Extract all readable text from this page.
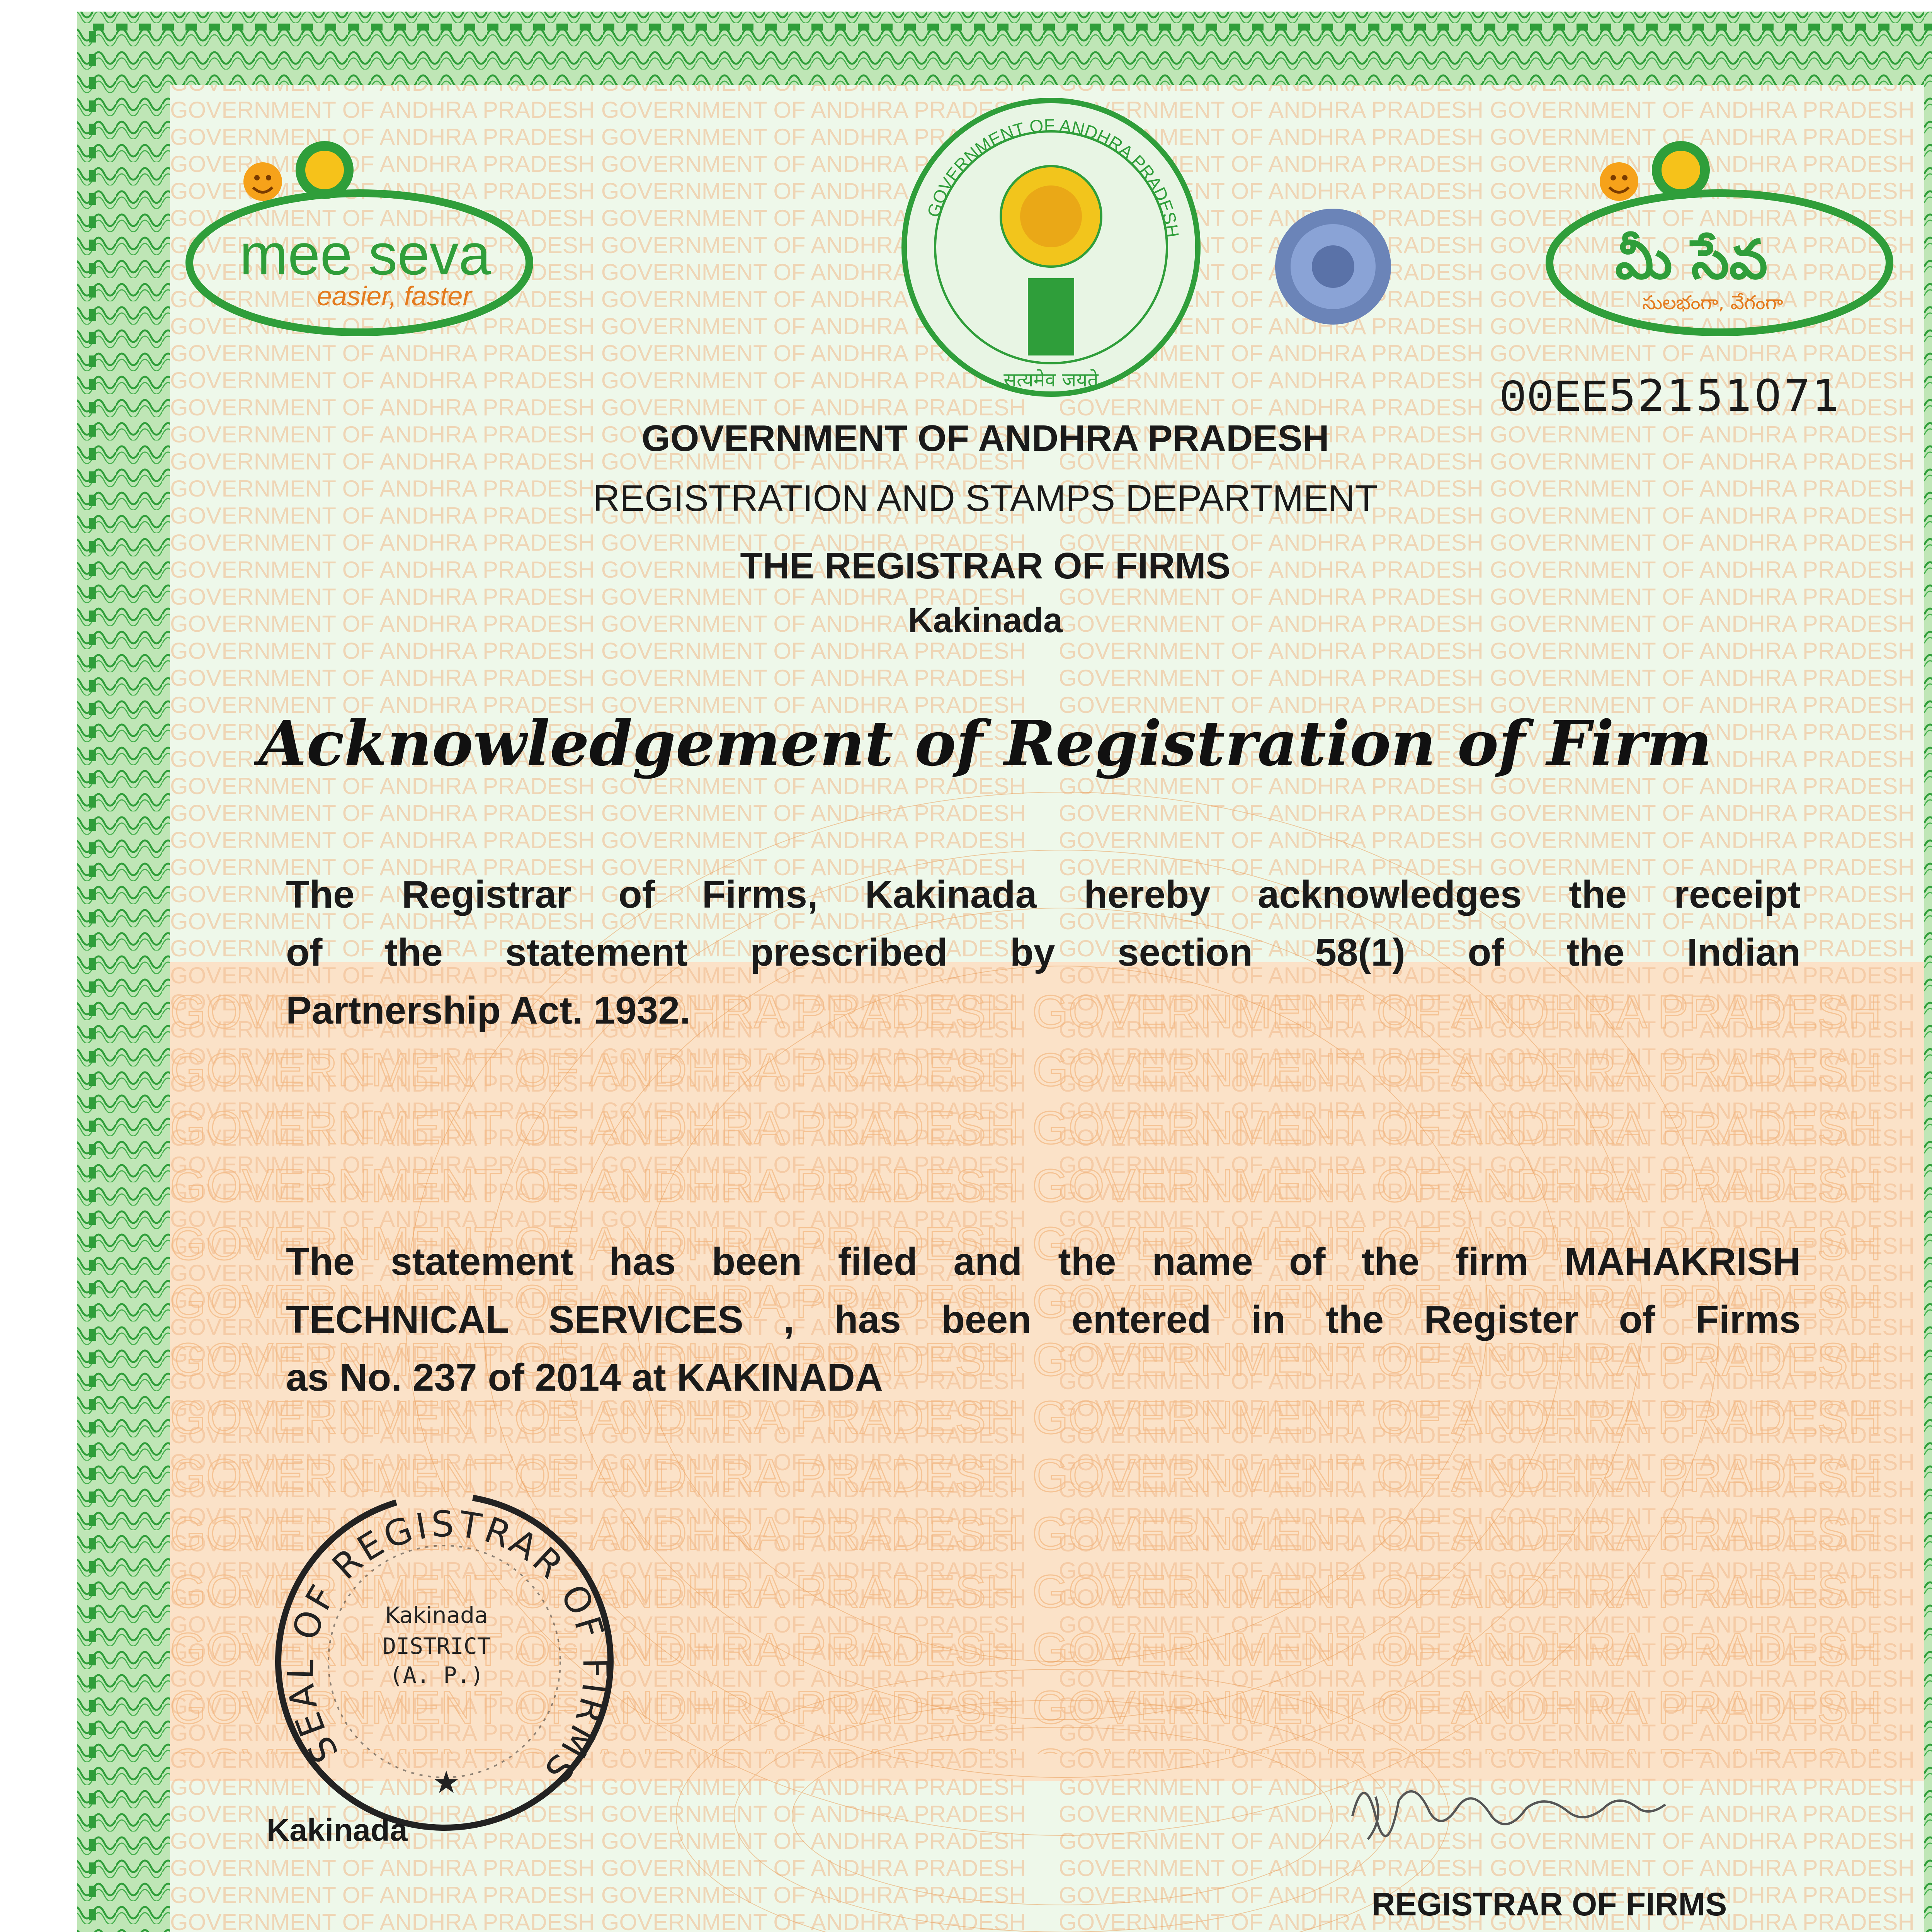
mee seva
easier, faster
GOVERNMENT OF ANDHRA PRADESH
सत्यमेव जयते
మీ సేవ
సులభంగా, వేగంగా
SEAL OF REGISTRAR OF FIRMS
Kakinada
DISTRICT
(A. P.)
★
00EE52151071
GOVERNMENT OF ANDHRA PRADESH
REGISTRATION AND STAMPS DEPARTMENT
THE REGISTRAR OF FIRMS
Kakinada
Acknowledgement of Registration of Firm
The Registrar of Firms, Kakinada hereby acknowledges the receipt
of the statement prescribed by section 58(1) of the Indian
Partnership Act. 1932.
The statement has been filed and the name of the firm MAHAKRISH
TECHNICAL SERVICES , has been entered in the Register of Firms
as No. 237 of 2014 at KAKINADA
Kakinada
REGISTRAR OF FIRMS
